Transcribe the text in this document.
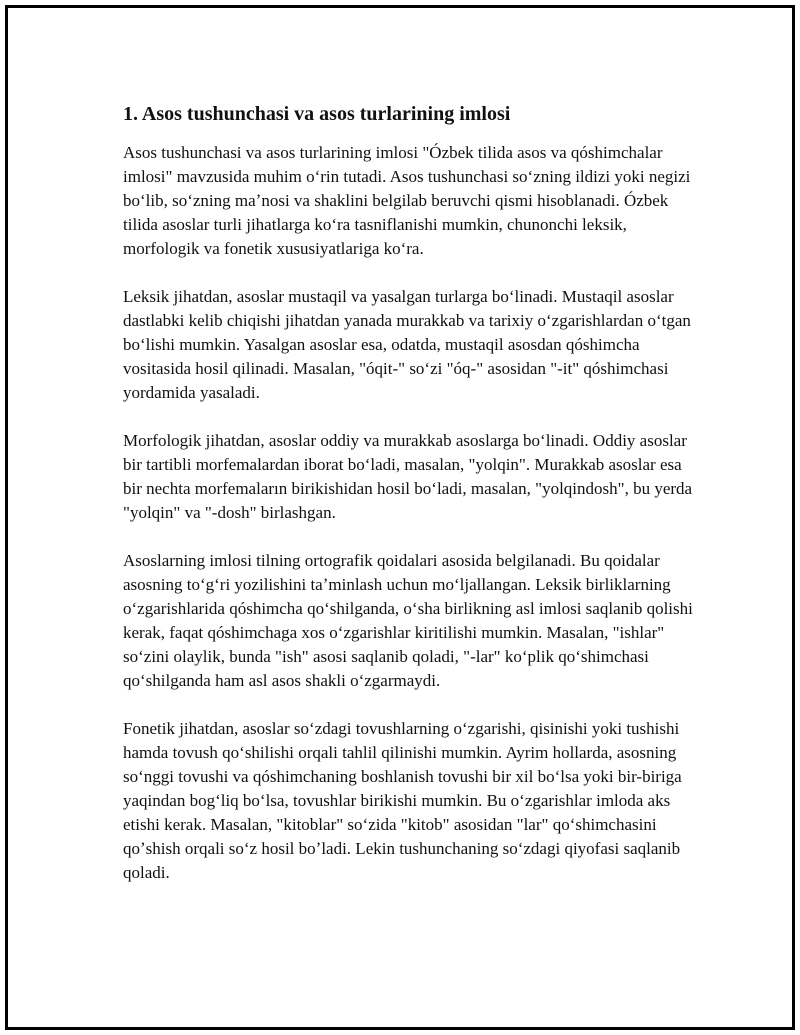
1. Asos tushunchasi va asos turlarining imlosi

Asos tushunchasi va asos turlarining imlosi "Ózbek tilida asos va qóshimchalar imlosi" mavzusida muhim oʻrin tutadi. Asos tushunchasi soʻzning ildizi yoki negizi boʻlib, soʻzning maʼnosi va shaklini belgilab beruvchi qismi hisoblanadi. Ózbek tilida asoslar turli jihatlarga koʻra tasniflanishi mumkin, chunonchi leksik, morfologik va fonetik xususiyatlariga koʻra.

Leksik jihatdan, asoslar mustaqil va yasalgan turlarga boʻlinadi. Mustaqil asoslar dastlabki kelib chiqishi jihatdan yanada murakkab va tarixiy oʻzgarishlardan oʻtgan boʻlishi mumkin. Yasalgan asoslar esa, odatda, mustaqil asosdan qóshimcha vositasida hosil qilinadi. Masalan, "óqit-" soʻzi "óq-" asosidan "-it" qóshimchasi yordamida yasaladi.

Morfologik jihatdan, asoslar oddiy va murakkab asoslarga boʻlinadi. Oddiy asoslar bir tartibli morfemalardan iborat boʻladi, masalan, "yolqin". Murakkab asoslar esa bir nechta morfemaların birikishidan hosil boʻladi, masalan, "yolqindosh", bu yerda "yolqin" va "-dosh" birlashgan.

Asoslarning imlosi tilning ortografik qoidalari asosida belgilanadi. Bu qoidalar asosning toʻgʻri yozilishini taʼminlash uchun moʻljallangan. Leksik birliklarning oʻzgarishlarida qóshimcha qoʻshilganda, oʻsha birlikning asl imlosi saqlanib qolishi kerak, faqat qóshimchaga xos oʻzgarishlar kiritilishi mumkin. Masalan, "ishlar" soʻzini olaylik, bunda "ish" asosi saqlanib qoladi, "-lar" koʻplik qoʻshimchasi qoʻshilganda ham asl asos shakli oʻzgarmaydi.

Fonetik jihatdan, asoslar soʻzdagi tovushlarning oʻzgarishi, qisinishi yoki tushishi hamda tovush qoʻshilishi orqali tahlil qilinishi mumkin. Ayrim hollarda, asosning soʻnggi tovushi va qóshimchaning boshlanish tovushi bir xil boʻlsa yoki bir-biriga yaqindan bogʻliq boʻlsa, tovushlar birikishi mumkin. Bu oʻzgarishlar imloda aks etishi kerak. Masalan, "kitoblar" soʻzida "kitob" asosidan "lar" qoʻshimchasini qoʼshish orqali soʻz hosil boʼladi. Lekin tushunchaning soʻzdagi qiyofasi saqlanib qoladi.
